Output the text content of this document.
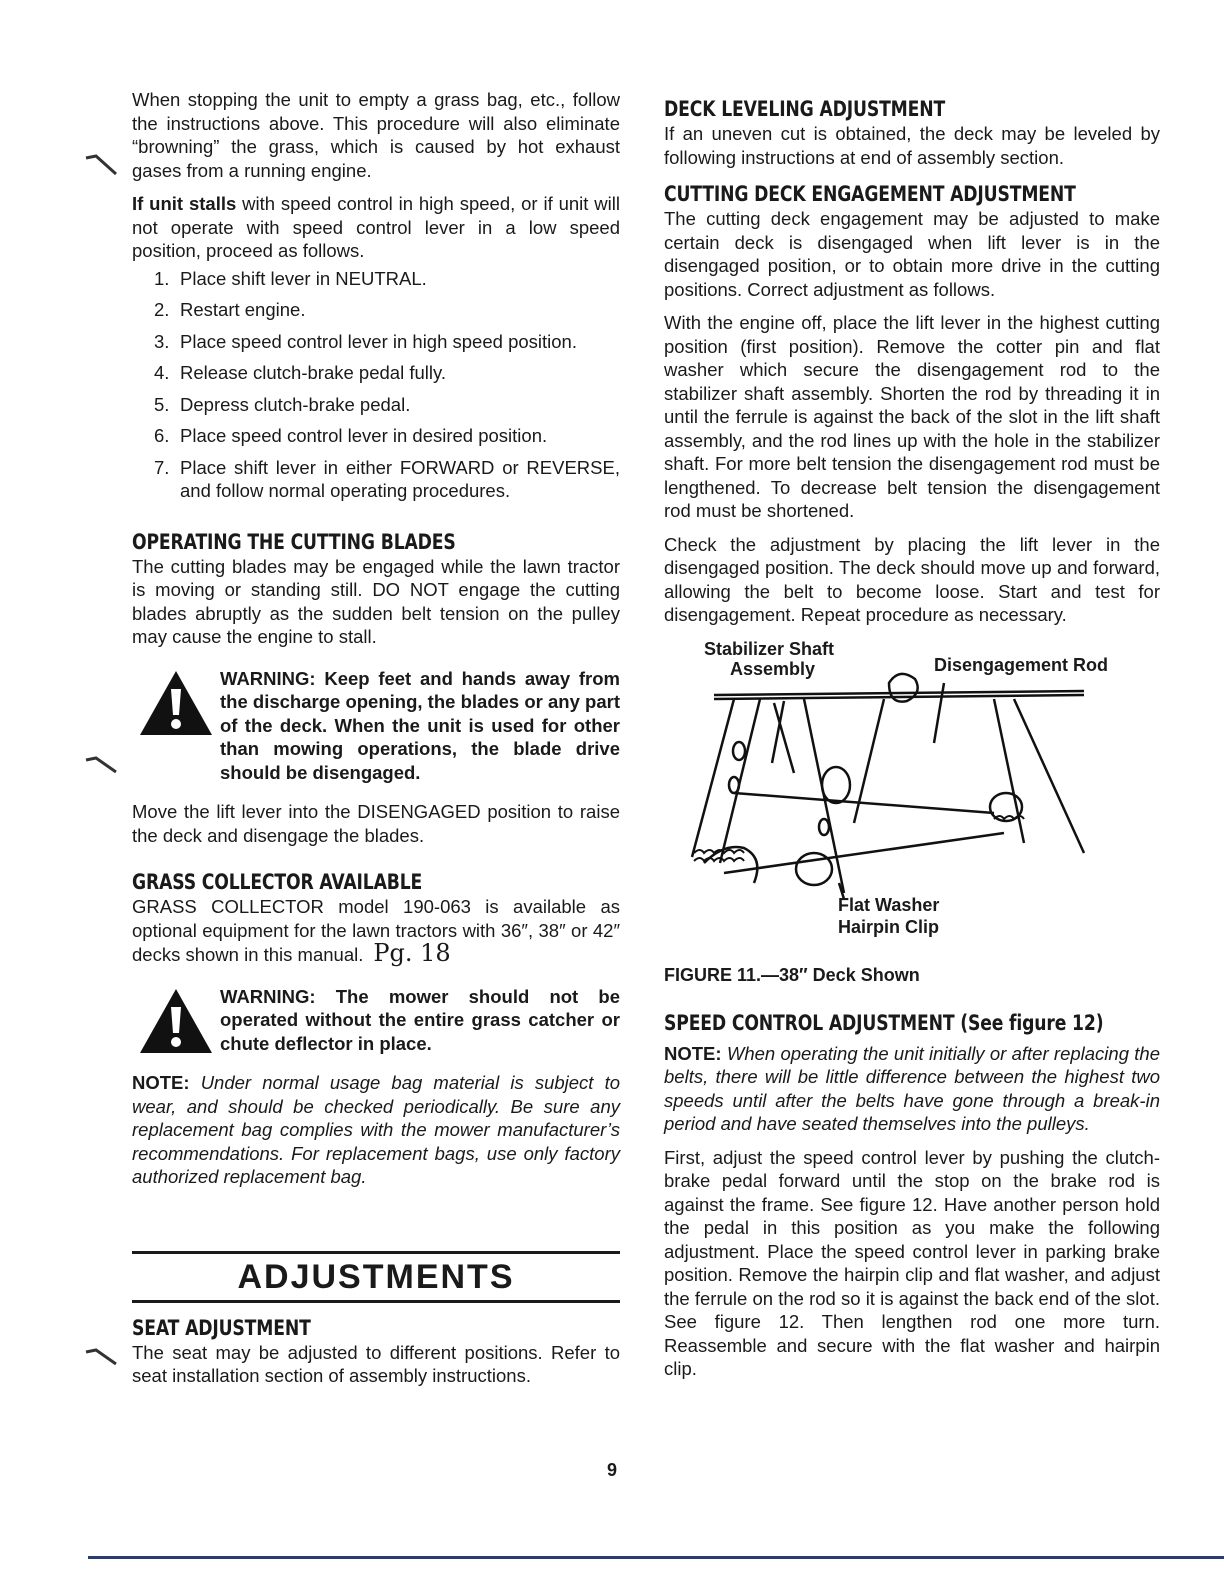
When stopping the unit to empty a grass bag, etc., follow the instructions above. This procedure will also eliminate “browning” the grass, which is caused by hot exhaust gases from a running engine.

If unit stalls with speed control in high speed, or if unit will not operate with speed control lever in a low speed position, proceed as follows.

1. Place shift lever in NEUTRAL.
2. Restart engine.
3. Place speed control lever in high speed position.
4. Release clutch-brake pedal fully.
5. Depress clutch-brake pedal.
6. Place speed control lever in desired position.
7. Place shift lever in either FORWARD or REVERSE, and follow normal operating procedures.
OPERATING THE CUTTING BLADES

The cutting blades may be engaged while the lawn tractor is moving or standing still. DO NOT engage the cutting blades abruptly as the sudden belt tension on the pulley may cause the engine to stall.

WARNING: Keep feet and hands away from the discharge opening, the blades or any part of the deck. When the unit is used for other than mowing operations, the blade drive should be disengaged.

Move the lift lever into the DISENGAGED position to raise the deck and disengage the blades.

GRASS COLLECTOR AVAILABLE

GRASS COLLECTOR model 190-063 is available as optional equipment for the lawn tractors with 36″, 38″ or 42″ decks shown in this manual. Pg. 18

WARNING: The mower should not be operated without the entire grass catcher or chute deflector in place.

NOTE: Under normal usage bag material is subject to wear, and should be checked periodically. Be sure any replacement bag complies with the mower manufacturer’s recommendations. For replacement bags, use only factory authorized replacement bag.

ADJUSTMENTS
SEAT ADJUSTMENT

The seat may be adjusted to different positions. Refer to seat installation section of assembly instructions.

DECK LEVELING ADJUSTMENT

If an uneven cut is obtained, the deck may be leveled by following instructions at end of assembly section.

CUTTING DECK ENGAGEMENT ADJUSTMENT

The cutting deck engagement may be adjusted to make certain deck is disengaged when lift lever is in the disengaged position, or to obtain more drive in the cutting positions. Correct adjustment as follows.

With the engine off, place the lift lever in the highest cutting position (first position). Remove the cotter pin and flat washer which secure the disengagement rod to the stabilizer shaft assembly. Shorten the rod by threading it in until the ferrule is against the back of the slot in the lift shaft assembly, and the rod lines up with the hole in the stabilizer shaft. For more belt tension the disengagement rod must be lengthened. To decrease belt tension the disengagement rod must be shortened.

Check the adjustment by placing the lift lever in the disengaged position. The deck should move up and forward, allowing the belt to become loose. Start and test for disengagement. Repeat procedure as necessary.

Stabilizer Shaft
Assembly	Disengagement Rod
Flat Washer
Hairpin Clip
FIGURE 11.—38″ Deck Shown
SPEED CONTROL ADJUSTMENT (See figure 12)

NOTE: When operating the unit initially or after replacing the belts, there will be little difference between the highest two speeds until after the belts have gone through a break-in period and have seated themselves into the pulleys.

First, adjust the speed control lever by pushing the clutch-brake pedal forward until the stop on the brake rod is against the frame. See figure 12. Have another person hold the pedal in this position as you make the following adjustment. Place the speed control lever in parking brake position. Remove the hairpin clip and flat washer, and adjust the ferrule on the rod so it is against the back end of the slot. See figure 12. Then lengthen rod one more turn. Reassemble and secure with the flat washer and hairpin clip.

9
